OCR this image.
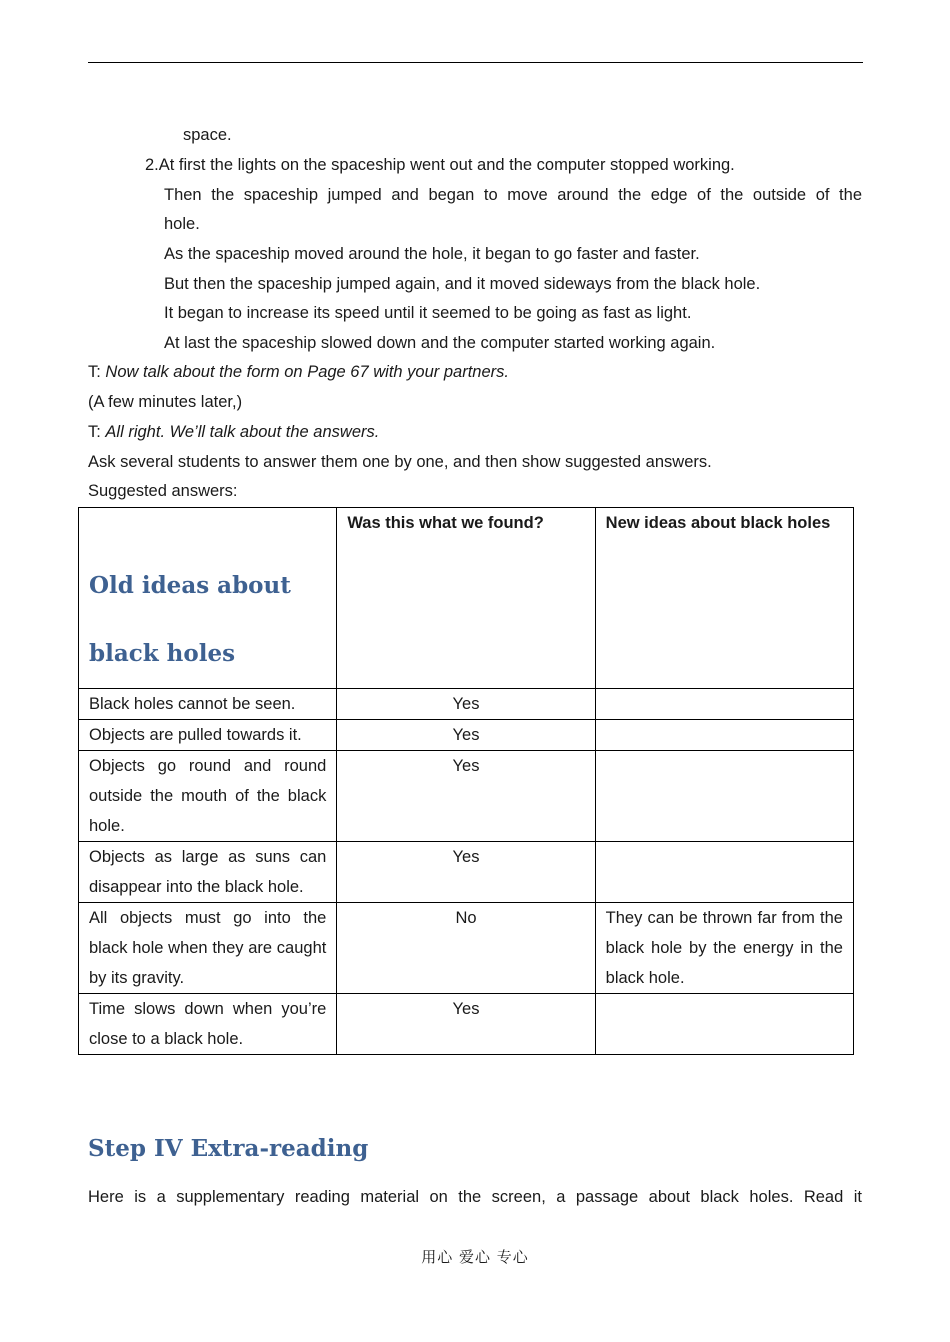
space.
2.At first the lights on the spaceship went out and the computer stopped working.
Then the spaceship jumped and began to move around the edge of the outside of the
hole.
As the spaceship moved around the hole, it began to go faster and faster.
But then the spaceship jumped again, and it moved sideways from the black hole.
It began to increase its speed until it seemed to be going as fast as light.
At last the spaceship slowed down and the computer started working again.
T: Now talk about the form on Page 67 with your partners.
(A few minutes later,)
T: All right. We’ll talk about the answers.
Ask several students to answer them one by one, and then show suggested answers.
Suggested answers:
Old ideas about
black holes	Was this what we found?	New ideas about black holes
Black holes cannot be seen.	Yes	
Objects are pulled towards it.	Yes	
Objects go round and round outside the mouth of the black hole.	Yes	
Objects as large as suns can disappear into the black hole.	Yes	
All objects must go into the black hole when they are caught by its gravity.	No	They can be thrown far from the black hole by the energy in the black hole.
Time slows down when you’re close to a black hole.	Yes	
Step IV Extra-reading
Here is a supplementary reading material on the screen, a passage about black holes. Read it
用心 爱心 专心
